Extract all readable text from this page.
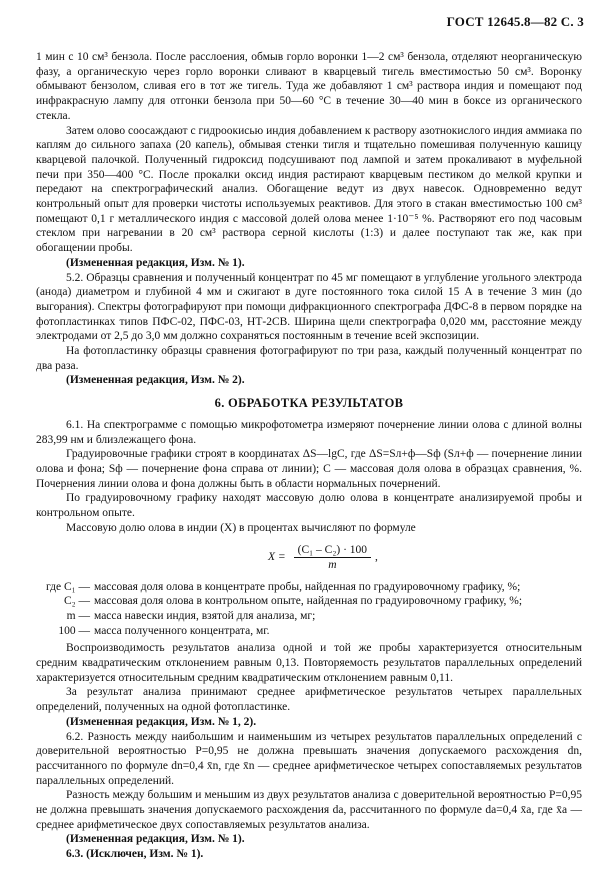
ГОСТ 12645.8—82 С. 3

1 мин с 10 см³ бензола. После расслоения, обмыв горло воронки 1—2 см³ бензола, отделяют неорганическую фазу, а органическую через горло воронки сливают в кварцевый тигель вместимостью 50 см³. Воронку обмывают бензолом, сливая его в тот же тигель. Туда же добавляют 1 см³ раствора индия и помещают под инфракрасную лампу для отгонки бензола при 50—60 °С в течение 30—40 мин в боксе из органического стекла.

Затем олово соосаждают с гидроокисью индия добавлением к раствору азотнокислого индия аммиака по каплям до сильного запаха (20 капель), обмывая стенки тигля и тщательно помешивая полученную кашицу кварцевой палочкой. Полученный гидроксид подсушивают под лампой и затем прокаливают в муфельной печи при 350—400 °С. После прокалки оксид индия растирают кварцевым пестиком до мелкой крупки и передают на спектрографический анализ. Обогащение ведут из двух навесок. Одновременно ведут контрольный опыт для проверки чистоты используемых реактивов. Для этого в стакан вместимостью 100 см³ помещают 0,1 г металлического индия с массовой долей олова менее 1·10⁻⁵ %. Растворяют его под часовым стеклом при нагревании в 20 см³ раствора серной кислоты (1:3) и далее поступают так же, как при обогащении пробы.

(Измененная редакция, Изм. № 1).

5.2. Образцы сравнения и полученный концентрат по 45 мг помещают в углубление угольного электрода (анода) диаметром и глубиной 4 мм и сжигают в дуге постоянного тока силой 15 А в течение 3 мин (до выгорания). Спектры фотографируют при помощи дифракционного спектрографа ДФС-8 в первом порядке на фотопластинках типов ПФС-02, ПФС-03, НТ-2СВ. Ширина щели спектрографа 0,020 мм, расстояние между электродами от 2,5 до 3,0 мм должно сохраняться постоянным в течение всей экспозиции.

На фотопластинку образцы сравнения фотографируют по три раза, каждый полученный концентрат по два раза.

(Измененная редакция, Изм. № 2).

6. ОБРАБОТКА РЕЗУЛЬТАТОВ

6.1. На спектрограмме с помощью микрофотометра измеряют почернение линии олова с длиной волны 283,99 нм и близлежащего фона.

Градуировочные графики строят в координатах ΔS—lgC, где ΔS=Sл+ф—Sф (Sл+ф — почернение линии олова и фона; Sф — почернение фона справа от линии); C — массовая доля олова в образцах сравнения, %. Почернения линии олова и фона должны быть в области нормальных почернений.

По градуировочному графику находят массовую долю олова в концентрате анализируемой пробы и контрольном опыте.

Массовую долю олова в индии (X) в процентах вычисляют по формуле

$X = \frac{\text{(C₁ – C₂) · 100}}{m}$ ,
где C₁ — массовая доля олова в концентрате пробы, найденная по градуировочному графику, %;
C₂ — массовая доля олова в контрольном опыте, найденная по градуировочному графику, %;
m — масса навески индия, взятой для анализа, мг;
100 — масса полученного концентрата, мг.

Воспроизводимость результатов анализа одной и той же пробы характеризуется относительным средним квадратическим отклонением равным 0,13. Повторяемость результатов параллельных определений характеризуется относительным средним квадратическим отклонением равным 0,11.

За результат анализа принимают среднее арифметическое результатов четырех параллельных определений, полученных на одной фотопластинке.

(Измененная редакция, Изм. № 1, 2).

6.2. Разность между наибольшим и наименьшим из четырех результатов параллельных определений с доверительной вероятностью P=0,95 не должна превышать значения допускаемого расхождения dn, рассчитанного по формуле dn=0,4 x̄n, где x̄n — среднее арифметическое четырех сопоставляемых результатов параллельных определений.

Разность между большим и меньшим из двух результатов анализа с доверительной вероятностью P=0,95 не должна превышать значения допускаемого расхождения dа, рассчитанного по формуле dа=0,4 x̄а, где x̄а — среднее арифметическое двух сопоставляемых результатов анализа.

(Измененная редакция, Изм. № 1).

6.3. (Исключен, Изм. № 1).
